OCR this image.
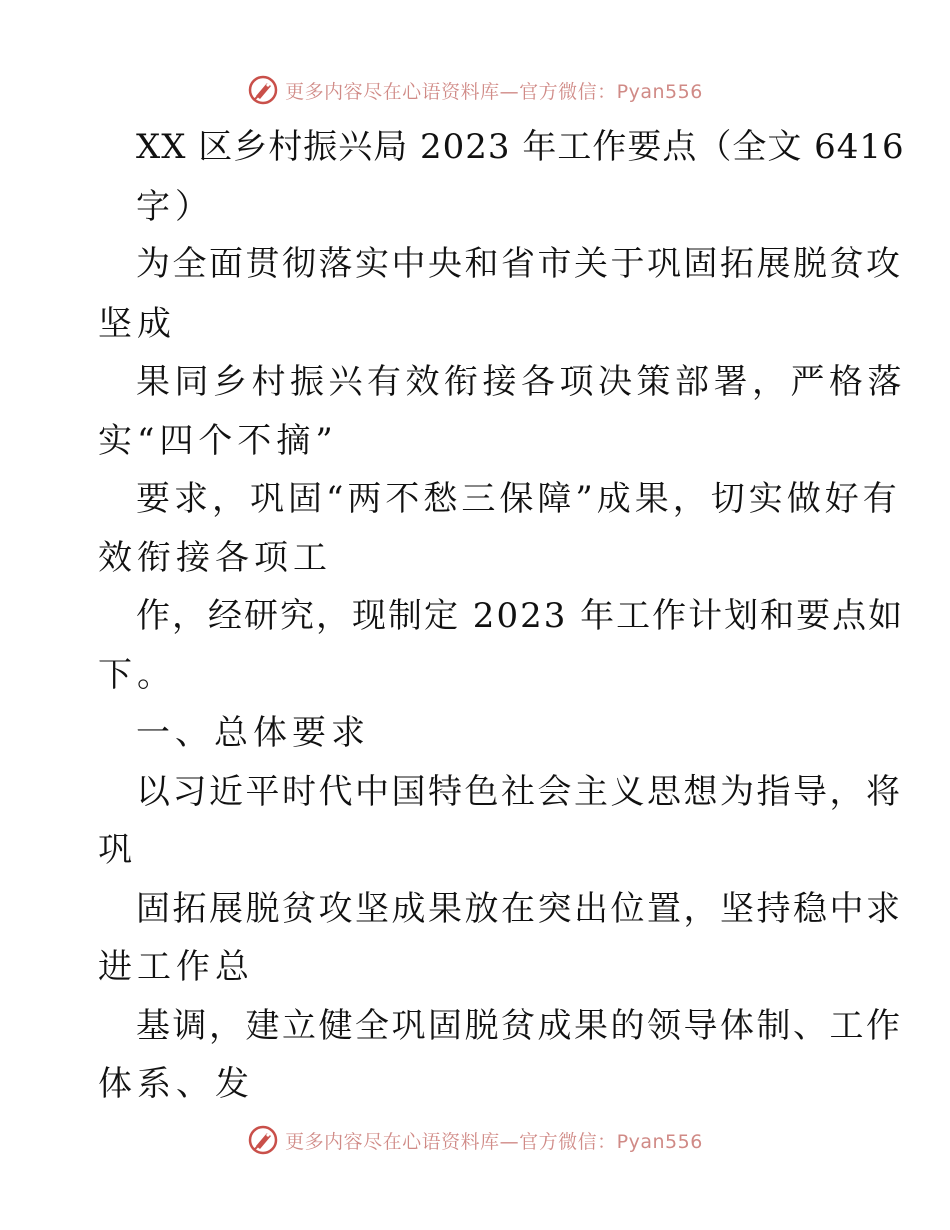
更多内容尽在心语资料库—官方微信：Pyan556
XX 区乡村振兴局 2023 年工作要点（全文 6416
字）
为全面贯彻落实中央和省市关于巩固拓展脱贫攻
坚成
果同乡村振兴有效衔接各项决策部署，严格落
实“四个不摘”
要求，巩固“两不愁三保障”成果，切实做好有
效衔接各项工
作，经研究，现制定 2023 年工作计划和要点如
下。
一、总体要求
以习近平时代中国特色社会主义思想为指导，将
巩
固拓展脱贫攻坚成果放在突出位置，坚持稳中求
进工作总
基调，建立健全巩固脱贫成果的领导体制、工作
体系、发
更多内容尽在心语资料库—官方微信：Pyan556
